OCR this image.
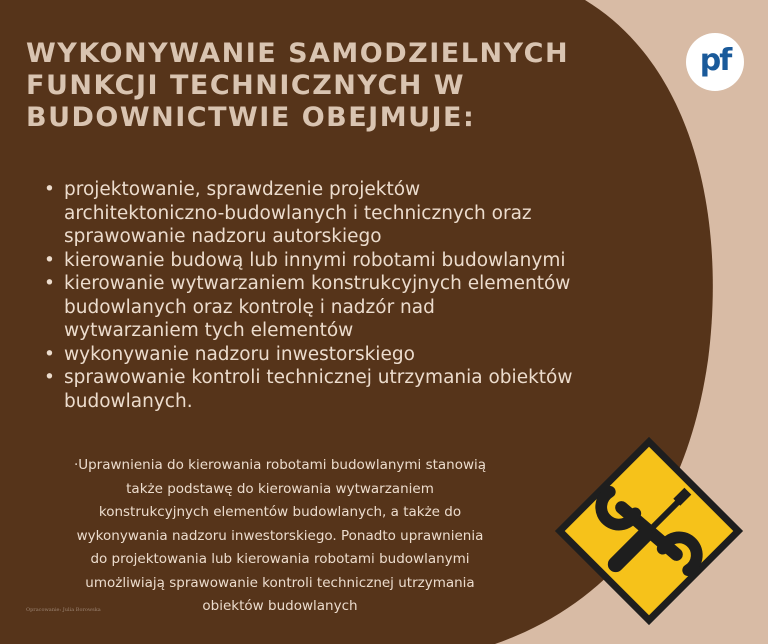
WYKONYWANIE SAMODZIELNYCH
FUNKCJI TECHNICZNYCH W
BUDOWNICTWIE OBEJMUJE:
pf
• projektowanie, sprawdzenie projektów
architektoniczno-budowlanych i technicznych oraz
sprawowanie nadzoru autorskiego
• kierowanie budową lub innymi robotami budowlanymi
• kierowanie wytwarzaniem konstrukcyjnych elementów
budowlanych oraz kontrolę i nadzór nad
wytwarzaniem tych elementów
• wykonywanie nadzoru inwestorskiego
• sprawowanie kontroli technicznej utrzymania obiektów
budowlanych.

·Uprawnienia do kierowania robotami budowlanymi stanowią
także podstawę do kierowania wytwarzaniem
konstrukcyjnych elementów budowlanych, a także do
wykonywania nadzoru inwestorskiego. Ponadto uprawnienia
do projektowania lub kierowania robotami budowlanymi
umożliwiają sprawowanie kontroli technicznej utrzymania
obiektów budowlanych

Opracowanie: Julia Borowska
